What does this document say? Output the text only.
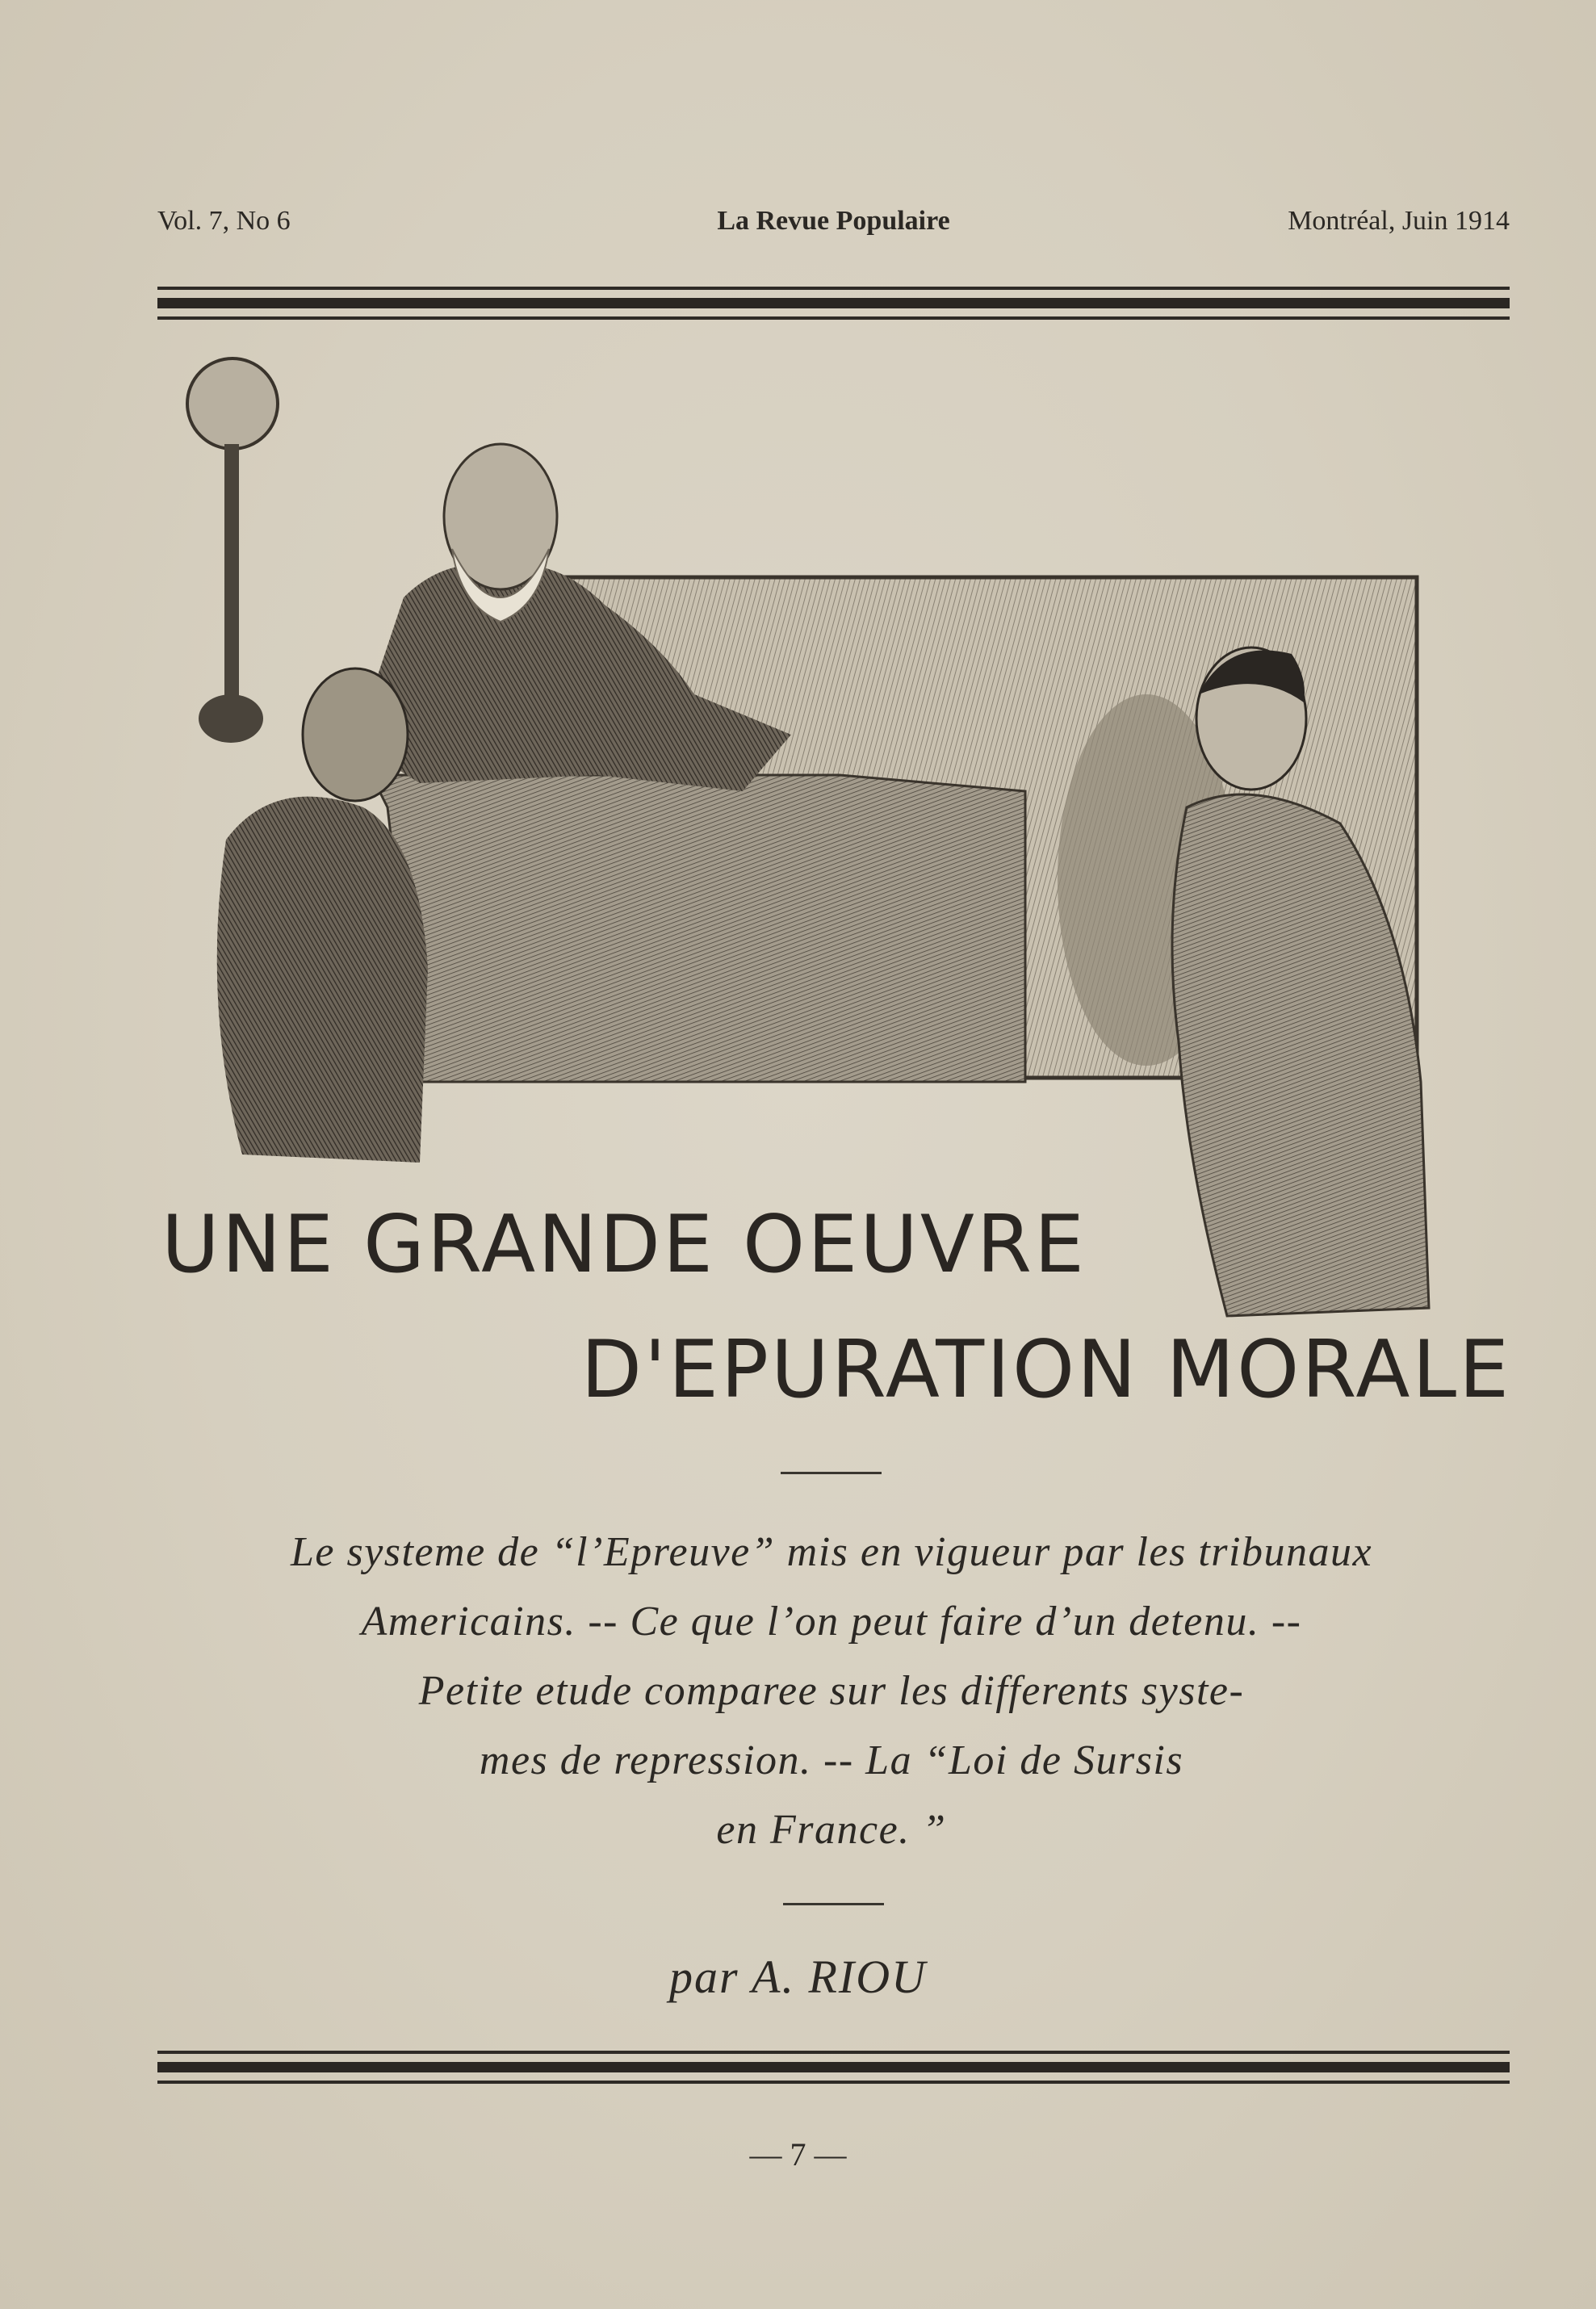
Vol. 7, No 6	La Revue Populaire	Montréal, Juin 1914
UNE GRANDE OEUVRE
D'EPURATION MORALE
Le systeme de “l’Epreuve” mis en vigueur par les tribunaux
Americains. -- Ce que l’on peut faire d’un detenu. --
Petite etude comparee sur les differents syste-
mes de repression. -- La “Loi de Sursis
en France. ”
par A. RIOU
— 7 —
